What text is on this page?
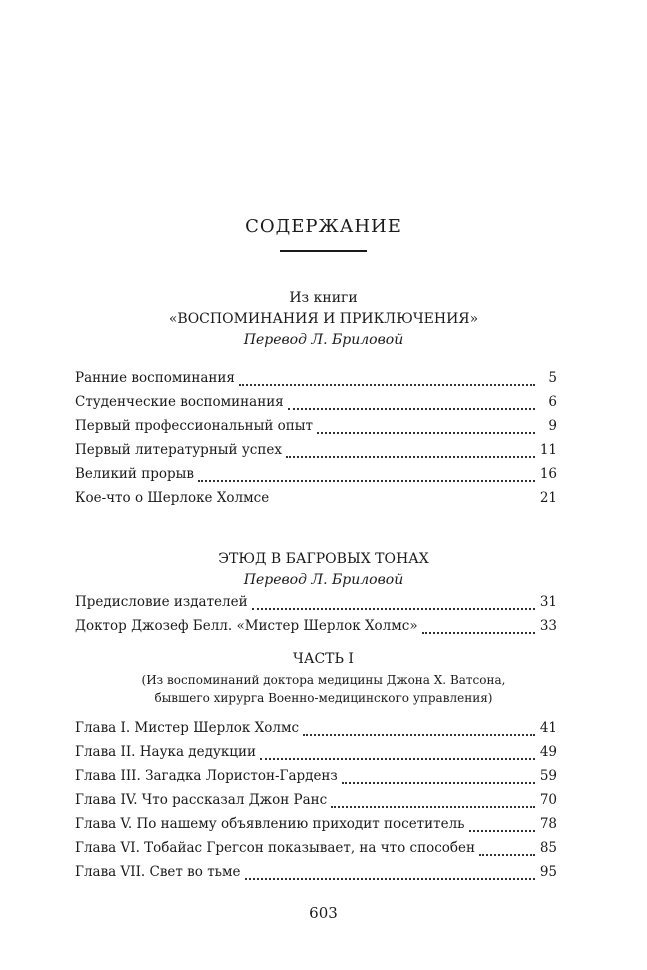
СОДЕРЖАНИЕ
Из книги
«ВОСПОМИНАНИЯ И ПРИКЛЮЧЕНИЯ»
Перевод Л. Бриловой
Ранние воспоминания	5
Студенческие воспоминания	6
Первый профессиональный опыт	9
Первый литературный успех	11
Великий прорыв	16
Кое-что о Шерлоке Холмсе	21
ЭТЮД В БАГРОВЫХ ТОНАХ
Перевод Л. Бриловой
Предисловие издателей	31
Доктор Джозеф Белл. «Мистер Шерлок Холмс»	33
ЧАСТЬ I
(Из воспоминаний доктора медицины Джона Х. Ватсона,
бывшего хирурга Военно-медицинского управления)
Глава I. Мистер Шерлок Холмс	41
Глава II. Наука дедукции	49
Глава III. Загадка Лористон-Гарденз	59
Глава IV. Что рассказал Джон Ранс	70
Глава V. По нашему объявлению приходит посетитель	78
Глава VI. Тобайас Грегсон показывает, на что способен	85
Глава VII. Свет во тьме	95
603
